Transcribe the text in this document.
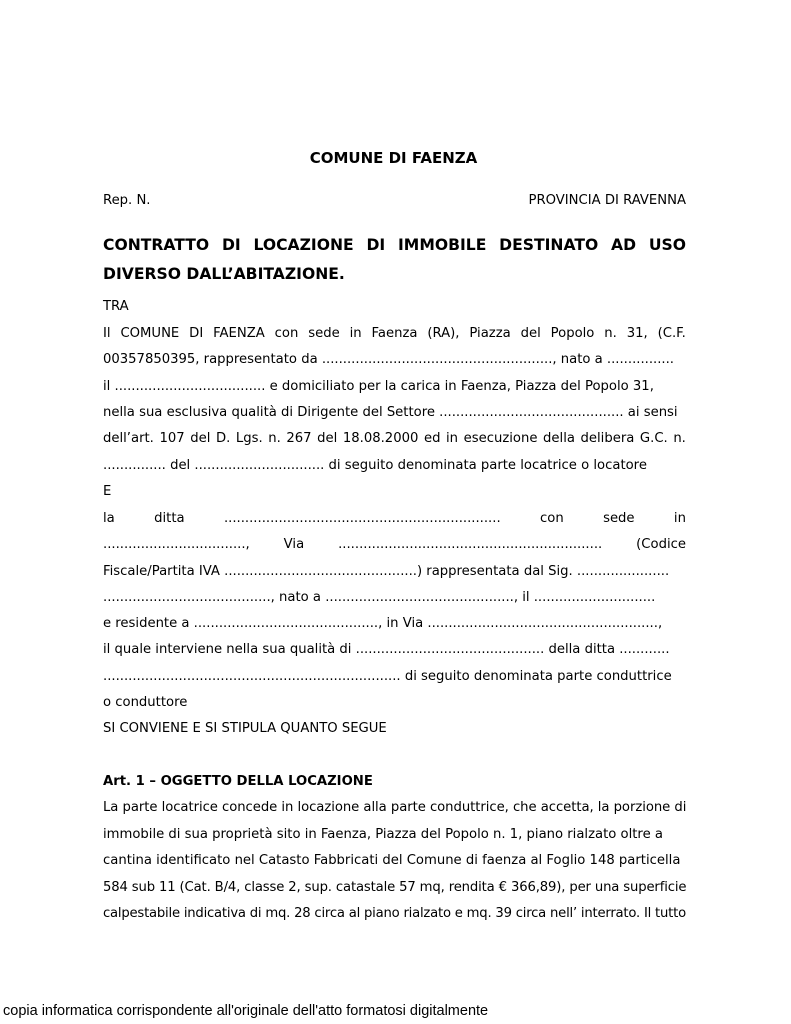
COMUNE DI FAENZA
Rep. N.	PROVINCIA DI RAVENNA
CONTRATTO DI LOCAZIONE DI IMMOBILE DESTINATO AD USO
DIVERSO DALL’ABITAZIONE.
TRA
Il COMUNE DI FAENZA con sede in Faenza (RA), Piazza del Popolo n. 31, (C.F.
00357850395, rappresentato da ......................................................., nato a ................
il .................................... e domiciliato per la carica in Faenza, Piazza del Popolo 31,
nella sua esclusiva qualità di Dirigente del Settore ............................................ ai sensi
dell’art. 107 del D. Lgs. n. 267 del 18.08.2000 ed in esecuzione della delibera G.C. n.
............... del ............................... di seguito denominata parte locatrice o locatore
E
la	ditta	..................................................................	con	sede	in
..................................,	Via	...............................................................	(Codice
Fiscale/Partita IVA ..............................................) rappresentata dal Sig. ......................
........................................, nato a ............................................., il .............................
e residente a ............................................, in Via .......................................................,
il quale interviene nella sua qualità di ............................................. della ditta ............
....................................................................... di seguito denominata parte conduttrice
o conduttore
SI CONVIENE E SI STIPULA QUANTO SEGUE
Art. 1 – OGGETTO DELLA LOCAZIONE
La parte locatrice concede in locazione alla parte conduttrice, che accetta, la porzione di
immobile di sua proprietà sito in Faenza, Piazza del Popolo n. 1, piano rialzato oltre a
cantina identificato nel Catasto Fabbricati del Comune di faenza al Foglio 148 particella
584 sub 11 (Cat. B/4, classe 2, sup. catastale 57 mq, rendita € 366,89), per una superficie
calpestabile indicativa di mq. 28 circa al piano rialzato e mq. 39 circa nell’ interrato. Il tutto
copia informatica corrispondente all'originale dell'atto formatosi digitalmente
